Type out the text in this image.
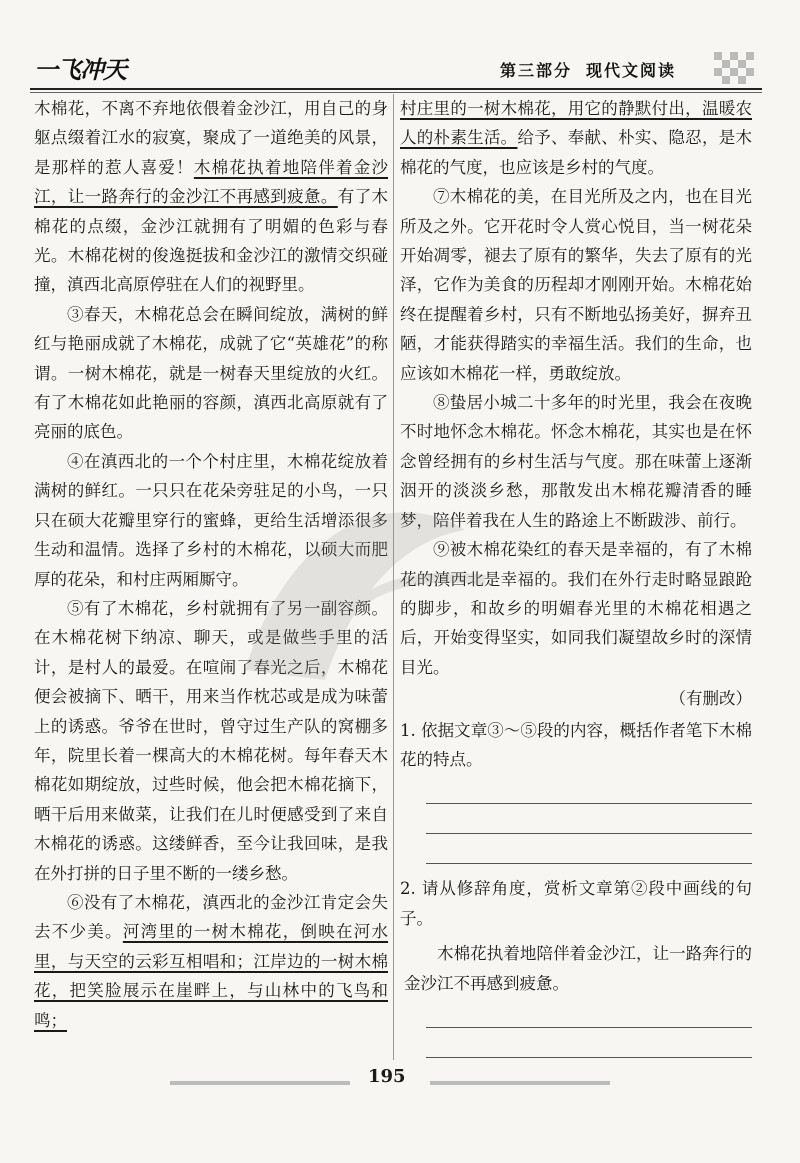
一飞冲天	第三部分 现代文阅读

木棉花，不离不弃地依偎着金沙江，用自己的身躯点缀着江水的寂寞，聚成了一道绝美的风景，是那样的惹人喜爱！木棉花执着地陪伴着金沙江，让一路奔行的金沙江不再感到疲惫。有了木棉花的点缀，金沙江就拥有了明媚的色彩与春光。木棉花树的俊逸挺拔和金沙江的激情交织碰撞，滇西北高原停驻在人们的视野里。

③春天，木棉花总会在瞬间绽放，满树的鲜红与艳丽成就了木棉花，成就了它“英雄花”的称谓。一树木棉花，就是一树春天里绽放的火红。有了木棉花如此艳丽的容颜，滇西北高原就有了亮丽的底色。

④在滇西北的一个个村庄里，木棉花绽放着满树的鲜红。一只只在花朵旁驻足的小鸟，一只只在硕大花瓣里穿行的蜜蜂，更给生活增添很多生动和温情。选择了乡村的木棉花，以硕大而肥厚的花朵，和村庄两厢厮守。

⑤有了木棉花，乡村就拥有了另一副容颜。在木棉花树下纳凉、聊天，或是做些手里的活计，是村人的最爱。在喧闹了春光之后，木棉花便会被摘下、晒干，用来当作枕芯或是成为味蕾上的诱惑。爷爷在世时，曾守过生产队的窝棚多年，院里长着一棵高大的木棉花树。每年春天木棉花如期绽放，过些时候，他会把木棉花摘下，晒干后用来做菜，让我们在儿时便感受到了来自木棉花的诱惑。这缕鲜香，至今让我回味，是我在外打拼的日子里不断的一缕乡愁。

⑥没有了木棉花，滇西北的金沙江肯定会失去不少美。河湾里的一树木棉花，倒映在河水里，与天空的云彩互相唱和；江岸边的一树木棉花，把笑脸展示在崖畔上，与山林中的飞鸟和鸣；

村庄里的一树木棉花，用它的静默付出，温暖农人的朴素生活。给予、奉献、朴实、隐忍，是木棉花的气度，也应该是乡村的气度。

⑦木棉花的美，在目光所及之内，也在目光所及之外。它开花时令人赏心悦目，当一树花朵开始凋零，褪去了原有的繁华，失去了原有的光泽，它作为美食的历程却才刚刚开始。木棉花始终在提醒着乡村，只有不断地弘扬美好，摒弃丑陋，才能获得踏实的幸福生活。我们的生命，也应该如木棉花一样，勇敢绽放。

⑧蛰居小城二十多年的时光里，我会在夜晚不时地怀念木棉花。怀念木棉花，其实也是在怀念曾经拥有的乡村生活与气度。那在味蕾上逐渐洇开的淡淡乡愁，那散发出木棉花瓣清香的睡梦，陪伴着我在人生的路途上不断跋涉、前行。

⑨被木棉花染红的春天是幸福的，有了木棉花的滇西北是幸福的。我们在外行走时略显踉跄的脚步，和故乡的明媚春光里的木棉花相遇之后，开始变得坚实，如同我们凝望故乡时的深情目光。

（有删改）

1. 依据文章③～⑤段的内容，概括作者笔下木棉花的特点。

2. 请从修辞角度，赏析文章第②段中画线的句子。

木棉花执着地陪伴着金沙江，让一路奔行的金沙江不再感到疲惫。

195
